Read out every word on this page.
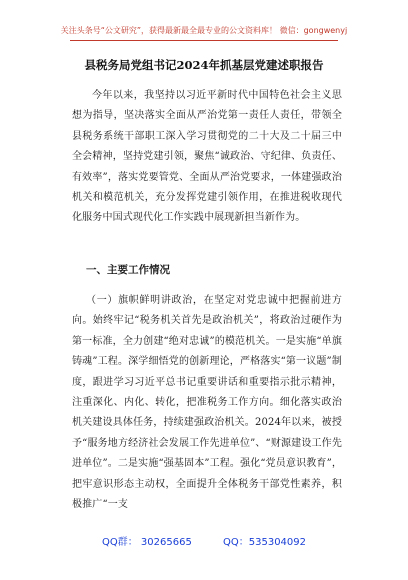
关注头条号“公文研究”，获得最新最全最专业的公文资料库！ 微信：gongwenyj
县税务局党组书记2024年抓基层党建述职报告
今年以来，我坚持以习近平新时代中国特色社会主义思想为指导，坚决落实全面从严治党第一责任人责任，带领全县税务系统干部职工深入学习贯彻党的二十大及二十届三中全会精神，坚持党建引领，聚焦“诚政治、守纪律、负责任、有效率”，落实党要管党、全面从严治党要求，一体建强政治机关和模范机关，充分发挥党建引领作用，在推进税收现代化服务中国式现代化工作实践中展现新担当新作为。
一、主要工作情况
（一）旗帜鲜明讲政治，在坚定对党忠诚中把握前进方向。始终牢记“税务机关首先是政治机关”，将政治过硬作为第一标准，全力创建“绝对忠诚”的模范机关。一是实施“单旗铸魂”工程。深学细悟党的创新理论，严格落实“第一议题”制度，跟进学习习近平总书记重要讲话和重要指示批示精神，注重深化、内化、转化，把准税务工作方向。细化落实政治机关建设具体任务，持续建强政治机关。2024年以来，被授予“服务地方经济社会发展工作先进单位”、“财源建设工作先进单位”。二是实施“强基固本”工程。强化“党员意识教育”，把牢意识形态主动权，全面提升全体税务干部党性素养，积极推广“一支
QQ群： 30265665	QQ：535304092
